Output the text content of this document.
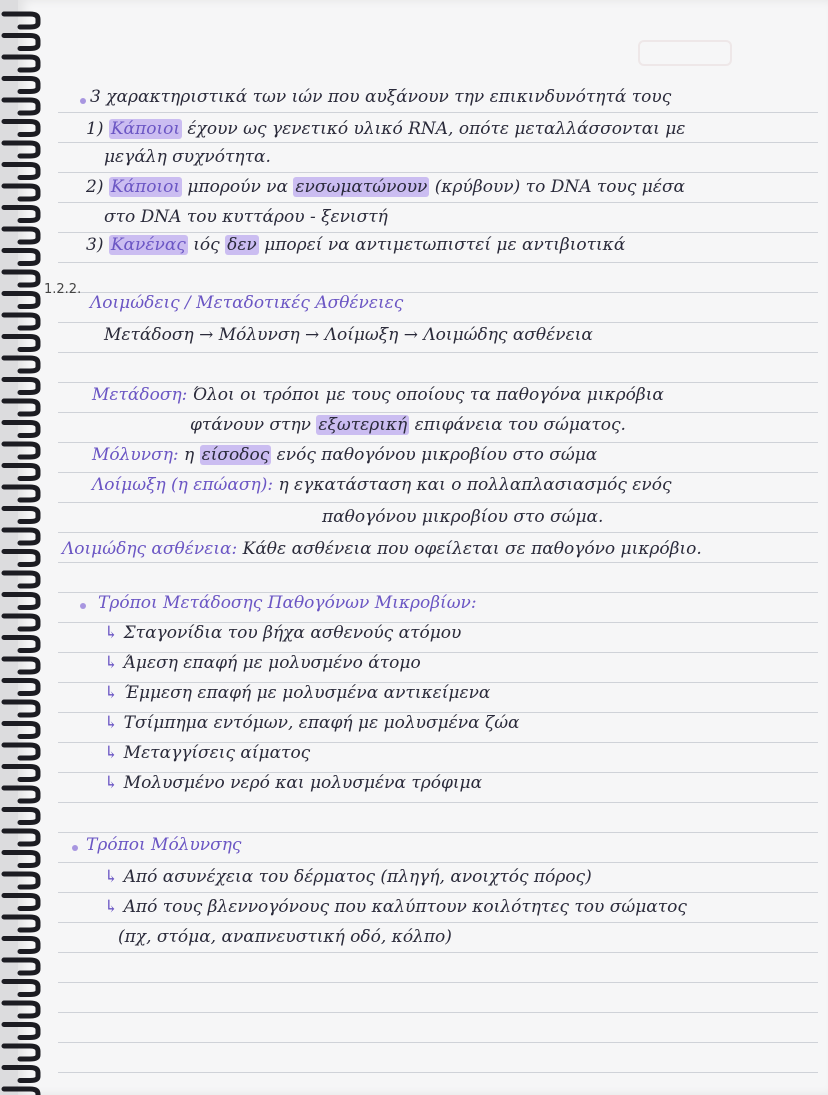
3 χαρακτηριστικά των ιών που αυξάνουν την επικινδυνότητά τους
1) Κάποιοι έχουν ως γενετικό υλικό RNA, οπότε μεταλλάσσονται με
μεγάλη συχνότητα.
2) Κάποιοι μπορούν να ενσωματώνουν (κρύβουν) το DNA τους μέσα
στο DNA του κυττάρου - ξενιστή
3) Κανένας ιός δεν μπορεί να αντιμετωπιστεί με αντιβιοτικά
1.2.2.
Λοιμώδεις / Μεταδοτικές Ασθένειες
Μετάδοση → Μόλυνση → Λοίμωξη → Λοιμώδης ασθένεια
Μετάδοση: Όλοι οι τρόποι με τους οποίους τα παθογόνα μικρόβια
φτάνουν στην εξωτερική επιφάνεια του σώματος.
Μόλυνση: η είσοδος ενός παθογόνου μικροβίου στο σώμα
Λοίμωξη (η επώαση): η εγκατάσταση και ο πολλαπλασιασμός ενός
παθογόνου μικροβίου στο σώμα.
Λοιμώδης ασθένεια: Κάθε ασθένεια που οφείλεται σε παθογόνο μικρόβιο.
Τρόποι Μετάδοσης Παθογόνων Μικροβίων:
↳ Σταγονίδια του βήχα ασθενούς ατόμου
↳ Άμεση επαφή με μολυσμένο άτομο
↳ Έμμεση επαφή με μολυσμένα αντικείμενα
↳ Τσίμπημα εντόμων, επαφή με μολυσμένα ζώα
↳ Μεταγγίσεις αίματος
↳ Μολυσμένο νερό και μολυσμένα τρόφιμα
Τρόποι Μόλυνσης
↳ Από ασυνέχεια του δέρματος (πληγή, ανοιχτός πόρος)
↳ Από τους βλεννογόνους που καλύπτουν κοιλότητες του σώματος
(πχ, στόμα, αναπνευστική οδό, κόλπο)
